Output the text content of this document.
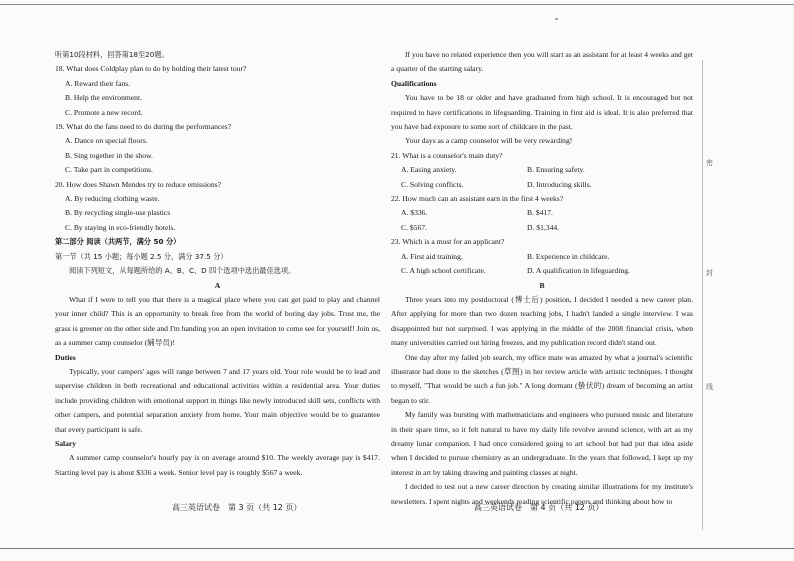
听第10段材料，回答第18至20题。

18. What does Coldplay plan to do by holding their latest tour?

A. Reward their fans.

B. Help the environment.

C. Promote a new record.

19. What do the fans need to do during the performances?

A. Dance on special floors.

B. Sing together in the show.

C. Take part in competitions.

20. How does Shawn Mendes try to reduce emissions?

A. By reducing clothing waste.

B. By recycling single-use plastics

C. By staying in eco-friendly hotels.

第二部分 阅读（共两节，满分 50 分）

第一节（共 15 小题；每小题 2.5 分，满分 37.5 分）

阅读下列短文，从每题所给的 A、B、C、D 四个选项中选出最佳选项。

A

What if I were to tell you that there is a magical place where you can get paid to play and channel your inner child? This is an opportunity to break free from the world of boring day jobs. Trust me, the grass is greener on the other side and I'm handing you an open invitation to come see for yourself! Join us, as a summer camp counselor (辅导员)!

Duties

Typically, your campers' ages will range between 7 and 17 years old. Your role would be to lead and supervise children in both recreational and educational activities within a residential area. Your duties include providing children with emotional support in things like newly introduced skill sets, conflicts with other campers, and potential separation anxiety from home. Your main objective would be to guarantee that every participant is safe.

Salary

A summer camp counselor's hourly pay is on average around $10. The weekly average pay is $417. Starting level pay is about $336 a week. Senior level pay is roughly $567 a week.

If you have no related experience then you will start as an assistant for at least 4 weeks and get a quarter of the starting salary.

Qualifications

You have to be 18 or older and have graduated from high school. It is encouraged but not required to have certifications in lifeguarding. Training in first aid is ideal. It is also preferred that you have had exposure to some sort of childcare in the past.

Your days as a camp counselor will be very rewarding!

21. What is a counselor's main duty?

A. Easing anxiety.	B. Ensuring safety.
C. Solving conflicts.	D. Introducing skills.

22. How much can an assistant earn in the first 4 weeks?

A. $336.	B. $417.
C. $567.	D. $1,344.

23. Which is a must for an applicant?

A. First aid training.	B. Experience in childcare.
C. A high school certificate.	D. A qualification in lifeguarding.

B

Three years into my postdoctoral (博士后) position, I decided I needed a new career plan. After applying for more than two dozen teaching jobs, I hadn't landed a single interview. I was disappointed but not surprised. I was applying in the middle of the 2008 financial crisis, when many universities carried out hiring freezes, and my publication record didn't stand out.

One day after my failed job search, my office mate was amazed by what a journal's scientific illustrator had done to the sketches (草图) in her review article with artistic techniques. I thought to myself, "That would be such a fun job." A long dormant (蛰伏的) dream of becoming an artist began to stir.

My family was bursting with mathematicians and engineers who pursued music and literature in their spare time, so it felt natural to have my daily life revolve around science, with art as my dreamy lunar companion. I had once considered going to art school but had put that idea aside when I decided to pursue chemistry as an undergraduate. In the years that followed, I kept up my interest in art by taking drawing and painting classes at night.

I decided to test out a new career direction by creating similar illustrations for my institute's newsletters. I spent nights and weekends reading scientific papers and thinking about how to

高三英语试卷　第 3 页（共 12 页）	高三英语试卷　第 4 页（共 12 页）
密
封
线
